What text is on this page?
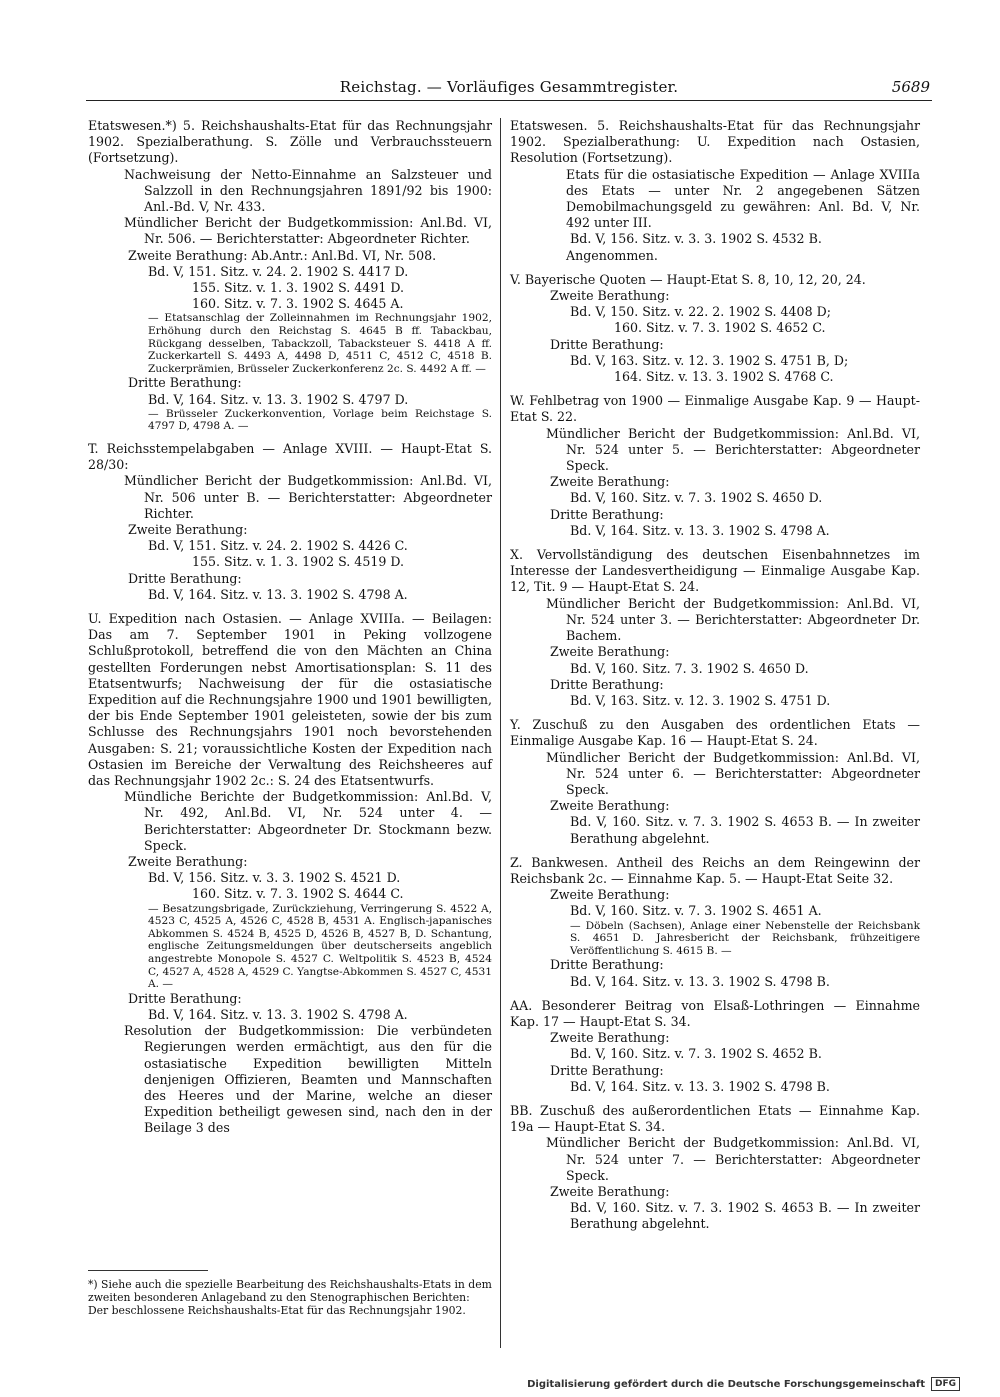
Reichstag. — Vorläufiges Gesammtregister.	5689

Etatswesen.*) 5. Reichshaushalts-Etat für das Rechnungsjahr 1902. Spezialberathung. S. Zölle und Verbrauchssteuern (Fortsetzung).

Nachweisung der Netto-Einnahme an Salzsteuer und Salzzoll in den Rechnungsjahren 1891/92 bis 1900: Anl.-Bd. V, Nr. 433.

Mündlicher Bericht der Budgetkommission: Anl.Bd. VI, Nr. 506. — Berichterstatter: Abgeordneter Richter.

Zweite Berathung: Ab.Antr.: Anl.Bd. VI, Nr. 508.

Bd. V, 151. Sitz. v. 24. 2. 1902 S. 4417 D.

155. Sitz. v. 1. 3. 1902 S. 4491 D.

160. Sitz. v. 7. 3. 1902 S. 4645 A.

— Etatsanschlag der Zolleinnahmen im Rechnungsjahr 1902, Erhöhung durch den Reichstag S. 4645 B ff. Tabackbau, Rückgang desselben, Tabackzoll, Tabacksteuer S. 4418 A ff. Zuckerkartell S. 4493 A, 4498 D, 4511 C, 4512 C, 4518 B. Zuckerprämien, Brüsseler Zuckerkonferenz 2c. S. 4492 A ff. —

Dritte Berathung:

Bd. V, 164. Sitz. v. 13. 3. 1902 S. 4797 D.

— Brüsseler Zuckerkonvention, Vorlage beim Reichstage S. 4797 D, 4798 A. —

T. Reichsstempelabgaben — Anlage XVIII. — Haupt-Etat S. 28/30:

Mündlicher Bericht der Budgetkommission: Anl.Bd. VI, Nr. 506 unter B. — Berichterstatter: Abgeordneter Richter.

Zweite Berathung:

Bd. V, 151. Sitz. v. 24. 2. 1902 S. 4426 C.

155. Sitz. v. 1. 3. 1902 S. 4519 D.

Dritte Berathung:

Bd. V, 164. Sitz. v. 13. 3. 1902 S. 4798 A.

U. Expedition nach Ostasien. — Anlage XVIIIa. — Beilagen: Das am 7. September 1901 in Peking vollzogene Schlußprotokoll, betreffend die von den Mächten an China gestellten Forderungen nebst Amortisationsplan: S. 11 des Etatsentwurfs; Nachweisung der für die ostasiatische Expedition auf die Rechnungsjahre 1900 und 1901 bewilligten, der bis Ende September 1901 geleisteten, sowie der bis zum Schlusse des Rechnungsjahrs 1901 noch bevorstehenden Ausgaben: S. 21; voraussichtliche Kosten der Expedition nach Ostasien im Bereiche der Verwaltung des Reichsheeres auf das Rechnungsjahr 1902 2c.: S. 24 des Etatsentwurfs.

Mündliche Berichte der Budgetkommission: Anl.Bd. V, Nr. 492, Anl.Bd. VI, Nr. 524 unter 4. — Berichterstatter: Abgeordneter Dr. Stockmann bezw. Speck.

Zweite Berathung:

Bd. V, 156. Sitz. v. 3. 3. 1902 S. 4521 D.

160. Sitz. v. 7. 3. 1902 S. 4644 C.

— Besatzungsbrigade, Zurückziehung, Verringerung S. 4522 A, 4523 C, 4525 A, 4526 C, 4528 B, 4531 A. Englisch-japanisches Abkommen S. 4524 B, 4525 D, 4526 B, 4527 B, D. Schantung, englische Zeitungsmeldungen über deutscherseits angeblich angestrebte Monopole S. 4527 C. Weltpolitik S. 4523 B, 4524 C, 4527 A, 4528 A, 4529 C. Yangtse-Abkommen S. 4527 C, 4531 A. —

Dritte Berathung:

Bd. V, 164. Sitz. v. 13. 3. 1902 S. 4798 A.

Resolution der Budgetkommission: Die verbündeten Regierungen werden ermächtigt, aus den für die ostasiatische Expedition bewilligten Mitteln denjenigen Offizieren, Beamten und Mannschaften des Heeres und der Marine, welche an dieser Expedition betheiligt gewesen sind, nach den in der Beilage 3 des

Etatswesen. 5. Reichshaushalts-Etat für das Rechnungsjahr 1902. Spezialberathung: U. Expedition nach Ostasien, Resolution (Fortsetzung).

Etats für die ostasiatische Expedition — Anlage XVIIIa des Etats — unter Nr. 2 angegebenen Sätzen Demobilmachungsgeld zu gewähren: Anl. Bd. V, Nr. 492 unter III.

Bd. V, 156. Sitz. v. 3. 3. 1902 S. 4532 B.

Angenommen.

V. Bayerische Quoten — Haupt-Etat S. 8, 10, 12, 20, 24.

Zweite Berathung:

Bd. V, 150. Sitz. v. 22. 2. 1902 S. 4408 D;

160. Sitz. v. 7. 3. 1902 S. 4652 C.

Dritte Berathung:

Bd. V, 163. Sitz. v. 12. 3. 1902 S. 4751 B, D;

164. Sitz. v. 13. 3. 1902 S. 4768 C.

W. Fehlbetrag von 1900 — Einmalige Ausgabe Kap. 9 — Haupt-Etat S. 22.

Mündlicher Bericht der Budgetkommission: Anl.Bd. VI, Nr. 524 unter 5. — Berichterstatter: Abgeordneter Speck.

Zweite Berathung:

Bd. V, 160. Sitz. v. 7. 3. 1902 S. 4650 D.

Dritte Berathung:

Bd. V, 164. Sitz. v. 13. 3. 1902 S. 4798 A.

X. Vervollständigung des deutschen Eisenbahnnetzes im Interesse der Landesvertheidigung — Einmalige Ausgabe Kap. 12, Tit. 9 — Haupt-Etat S. 24.

Mündlicher Bericht der Budgetkommission: Anl.Bd. VI, Nr. 524 unter 3. — Berichterstatter: Abgeordneter Dr. Bachem.

Zweite Berathung:

Bd. V, 160. Sitz. 7. 3. 1902 S. 4650 D.

Dritte Berathung:

Bd. V, 163. Sitz. v. 12. 3. 1902 S. 4751 D.

Y. Zuschuß zu den Ausgaben des ordentlichen Etats — Einmalige Ausgabe Kap. 16 — Haupt-Etat S. 24.

Mündlicher Bericht der Budgetkommission: Anl.Bd. VI, Nr. 524 unter 6. — Berichterstatter: Abgeordneter Speck.

Zweite Berathung:

Bd. V, 160. Sitz. v. 7. 3. 1902 S. 4653 B. — In zweiter Berathung abgelehnt.

Z. Bankwesen. Antheil des Reichs an dem Reingewinn der Reichsbank 2c. — Einnahme Kap. 5. — Haupt-Etat Seite 32.

Zweite Berathung:

Bd. V, 160. Sitz. v. 7. 3. 1902 S. 4651 A.

— Döbeln (Sachsen), Anlage einer Nebenstelle der Reichsbank S. 4651 D. Jahresbericht der Reichsbank, frühzeitigere Veröffentlichung S. 4615 B. —

Dritte Berathung:

Bd. V, 164. Sitz. v. 13. 3. 1902 S. 4798 B.

AA. Besonderer Beitrag von Elsaß-Lothringen — Einnahme Kap. 17 — Haupt-Etat S. 34.

Zweite Berathung:

Bd. V, 160. Sitz. v. 7. 3. 1902 S. 4652 B.

Dritte Berathung:

Bd. V, 164. Sitz. v. 13. 3. 1902 S. 4798 B.

BB. Zuschuß des außerordentlichen Etats — Einnahme Kap. 19a — Haupt-Etat S. 34.

Mündlicher Bericht der Budgetkommission: Anl.Bd. VI, Nr. 524 unter 7. — Berichterstatter: Abgeordneter Speck.

Zweite Berathung:

Bd. V, 160. Sitz. v. 7. 3. 1902 S. 4653 B. — In zweiter Berathung abgelehnt.

*) Siehe auch die spezielle Bearbeitung des Reichshaushalts-Etats in dem zweiten besonderen Anlageband zu den Stenographischen Berichten: Der beschlossene Reichshaushalts-Etat für das Rechnungsjahr 1902.
Digitalisierung gefördert durch die Deutsche Forschungsgemeinschaft	DFG
